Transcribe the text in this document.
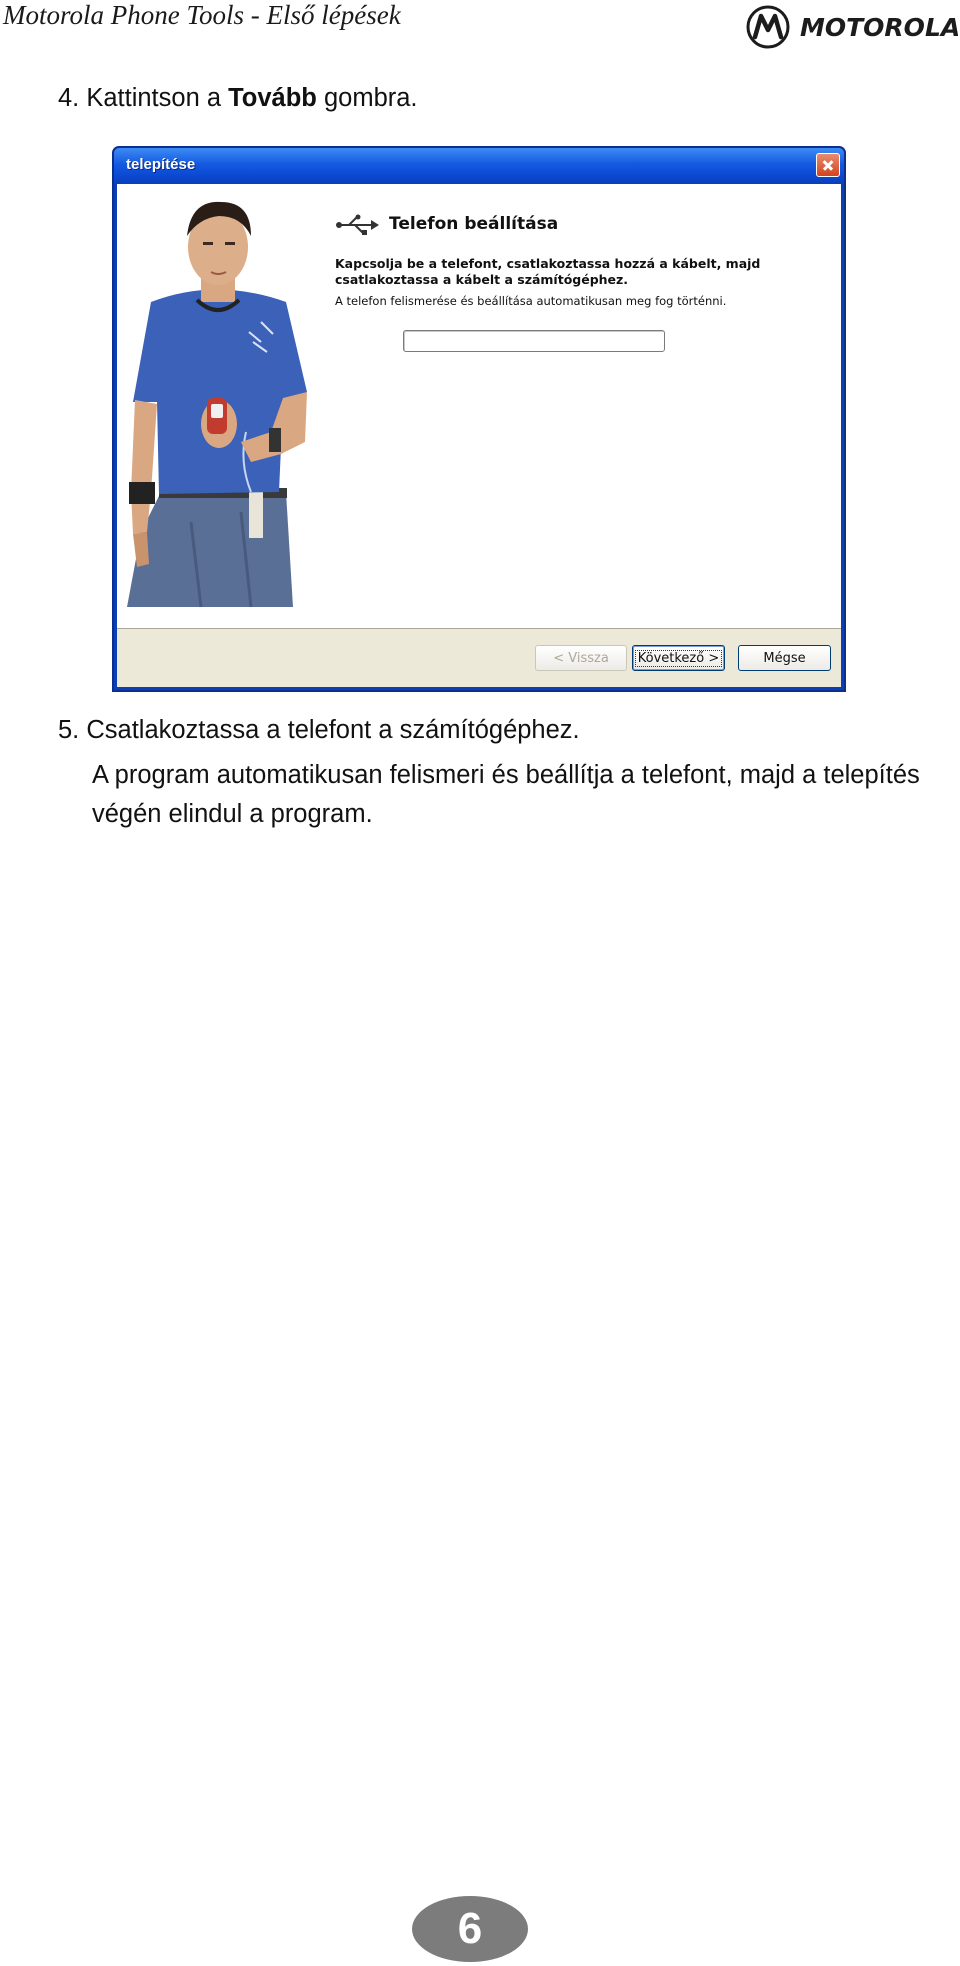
Motorola Phone Tools - Első lépések	MOTOROLA
4. Kattintson a Tovább gombra.
telepítése
Telefon beállítása
Kapcsolja be a telefont, csatlakoztassa hozzá a kábelt, majd csatlakoztassa a kábelt a számítógéphez.
A telefon felismerése és beállítása automatikusan meg fog történni.
< Vissza	Következő >	Mégse
5. Csatlakoztassa a telefont a számítógéphez.
A program automatikusan felismeri és beállítja a telefont, majd a telepítés végén elindul a program.
6
